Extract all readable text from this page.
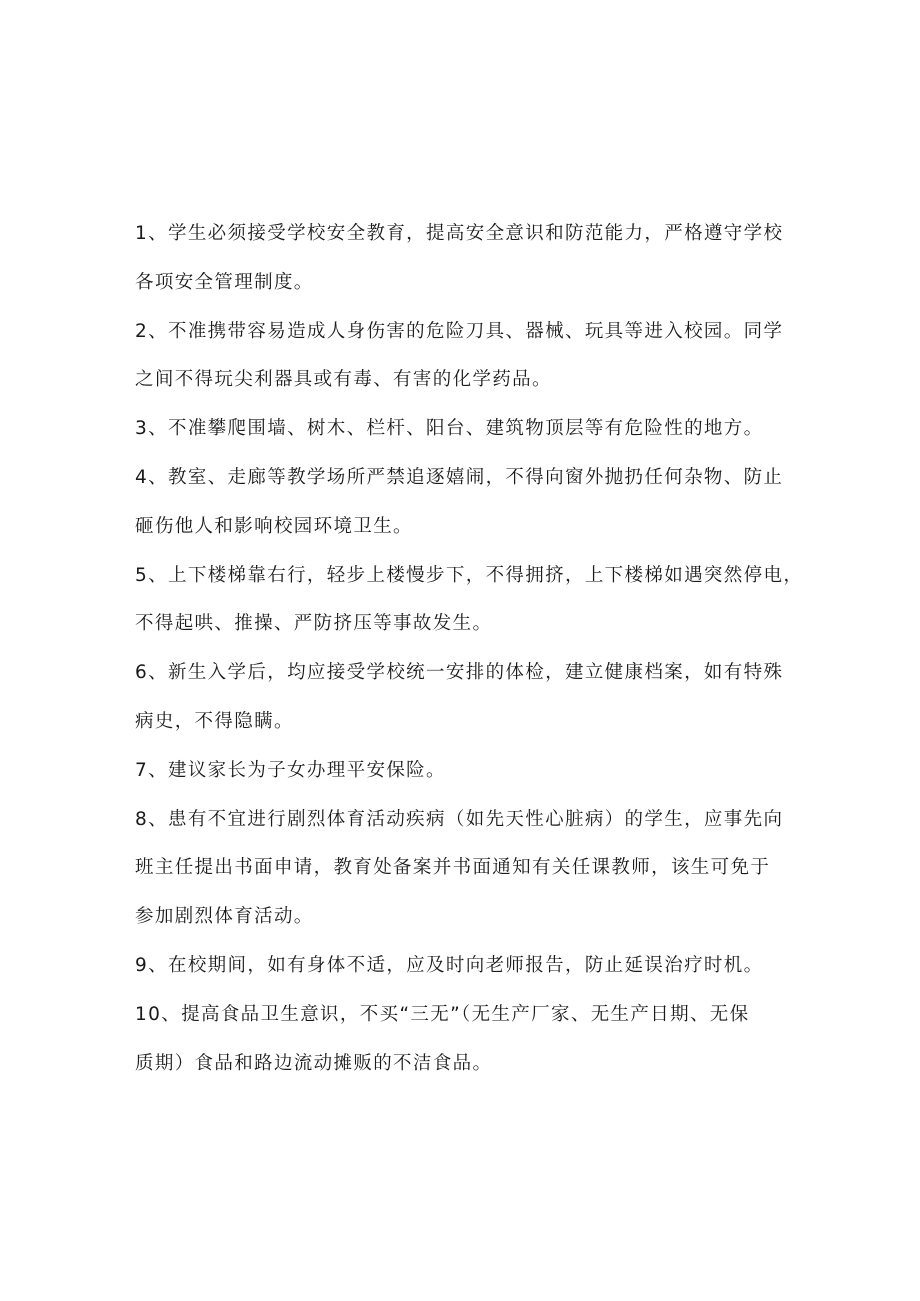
1、学生必须接受学校安全教育，提高安全意识和防范能力，严格遵守学校
各项安全管理制度。
2、不准携带容易造成人身伤害的危险刀具、器械、玩具等进入校园。同学
之间不得玩尖利器具或有毒、有害的化学药品。
3、不准攀爬围墙、树木、栏杆、阳台、建筑物顶层等有危险性的地方。
4、教室、走廊等教学场所严禁追逐嬉闹，不得向窗外抛扔任何杂物、防止
砸伤他人和影响校园环境卫生。
5、上下楼梯靠右行，轻步上楼慢步下，不得拥挤，上下楼梯如遇突然停电，
不得起哄、推操、严防挤压等事故发生。
6、新生入学后，均应接受学校统一安排的体检，建立健康档案，如有特殊
病史，不得隐瞒。
7、建议家长为子女办理平安保险。
8、患有不宜进行剧烈体育活动疾病（如先天性心脏病）的学生，应事先向
班主任提出书面申请，教育处备案并书面通知有关任课教师，该生可免于
参加剧烈体育活动。
9、在校期间，如有身体不适，应及时向老师报告，防止延误治疗时机。
10、提高食品卫生意识，不买“三无”（无生产厂家、无生产日期、无保
质期）食品和路边流动摊贩的不洁食品。
